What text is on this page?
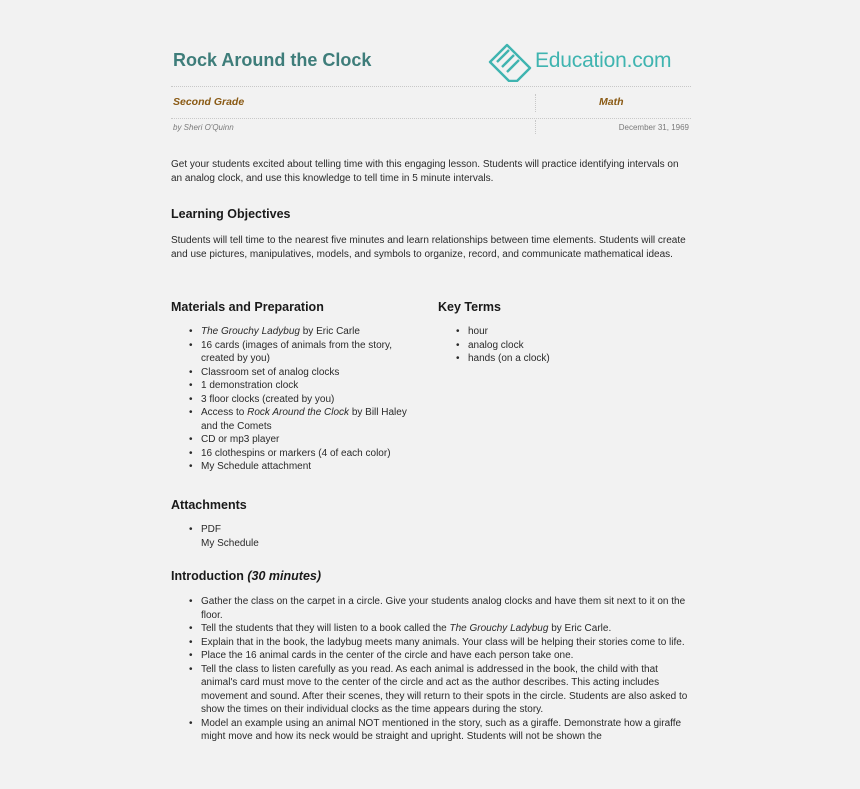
Rock Around the Clock	Education.com
Second Grade	Math
by Sheri O'Quinn	December 31, 1969
Get your students excited about telling time with this engaging lesson. Students will practice identifying intervals on an analog clock, and use this knowledge to tell time in 5 minute intervals.
Learning Objectives
Students will tell time to the nearest five minutes and learn relationships between time elements. Students will create and use pictures, manipulatives, models, and symbols to organize, record, and communicate mathematical ideas.
Materials and Preparation
• The Grouchy Ladybug by Eric Carle
• 16 cards (images of animals from the story, created by you)
• Classroom set of analog clocks
• 1 demonstration clock
• 3 floor clocks (created by you)
• Access to Rock Around the Clock by Bill Haley and the Comets
• CD or mp3 player
• 16 clothespins or markers (4 of each color)
• My Schedule attachment
Key Terms
• hour
• analog clock
• hands (on a clock)
Attachments
• PDF
My Schedule
Introduction (30 minutes)
• Gather the class on the carpet in a circle. Give your students analog clocks and have them sit next to it on the floor.
• Tell the students that they will listen to a book called the The Grouchy Ladybug by Eric Carle.
• Explain that in the book, the ladybug meets many animals. Your class will be helping their stories come to life.
• Place the 16 animal cards in the center of the circle and have each person take one.
• Tell the class to listen carefully as you read. As each animal is addressed in the book, the child with that animal's card must move to the center of the circle and act as the author describes. This acting includes movement and sound. After their scenes, they will return to their spots in the circle. Students are also asked to show the times on their individual clocks as the time appears during the story.
• Model an example using an animal NOT mentioned in the story, such as a giraffe. Demonstrate how a giraffe might move and how its neck would be straight and upright. Students will not be shown the
